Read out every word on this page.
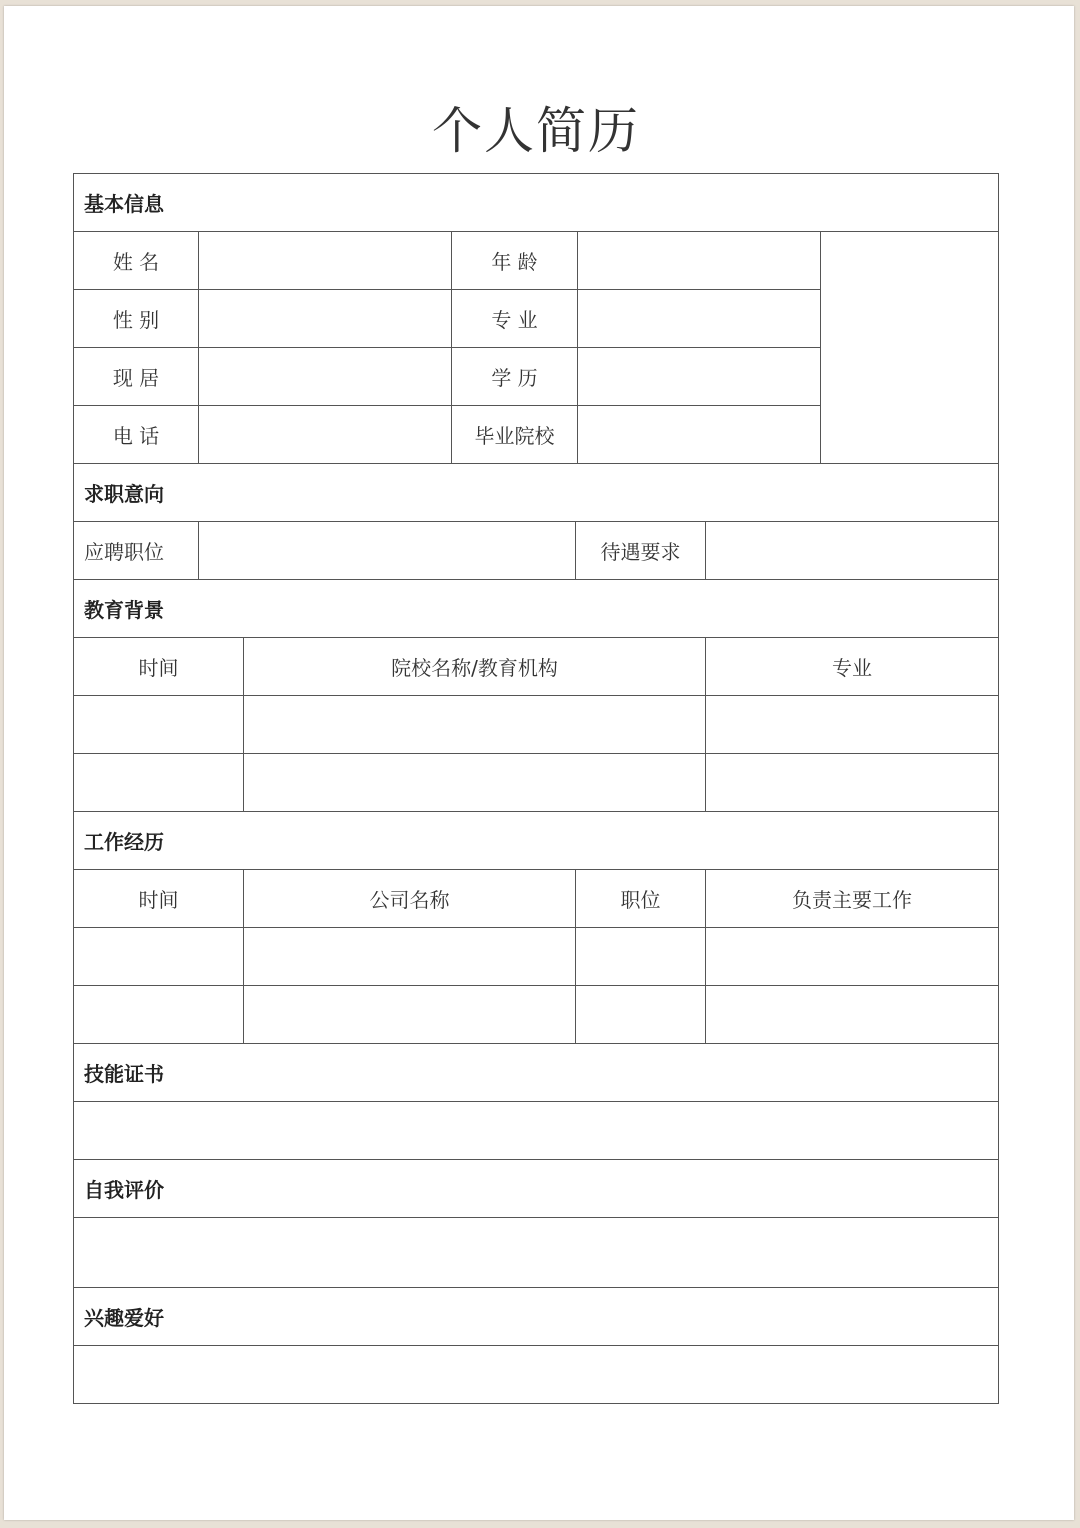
个人简历
基本信息							
姓 名			年 龄				
性 别			专 业				
现 居			学 历				
电 话			毕业院校				
求职意向							
应聘职位				待遇要求			
教育背景							
时间		院校名称/教育机构				专业	

工作经历							
时间		公司名称		职位		负责主要工作	

技能证书							

自我评价							

兴趣爱好							
